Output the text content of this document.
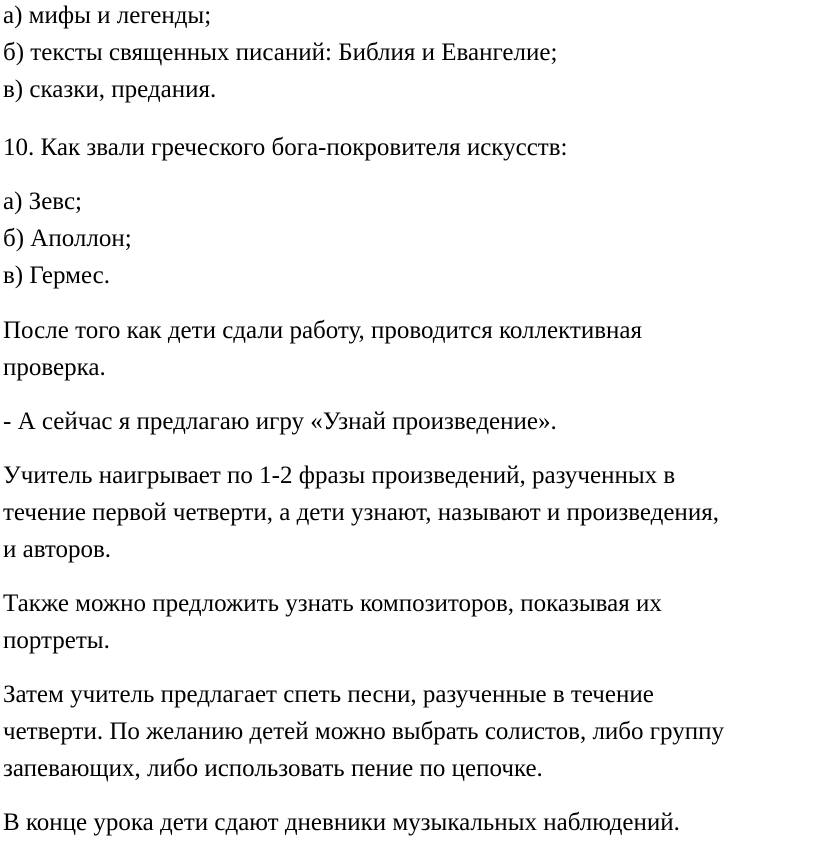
а) мифы и легенды;
б) тексты священных писаний: Библия и Евангелие;
в) сказки, предания.
10. Как звали греческого бога-покровителя искусств:
а) Зевс;
б) Аполлон;
в) Гермес.
После того как дети сдали работу, проводится коллективная
проверка.
- А сейчас я предлагаю игру «Узнай произведение».
Учитель наигрывает по 1-2 фразы произведений, разученных в
течение первой четверти, а дети узнают, называют и произведения,
и авторов.
Также можно предложить узнать композиторов, показывая их
портреты.
Затем учитель предлагает спеть песни, разученные в течение
четверти. По желанию детей можно выбрать солистов, либо группу
запевающих, либо использовать пение по цепочке.
В конце урока дети сдают дневники музыкальных наблюдений.
